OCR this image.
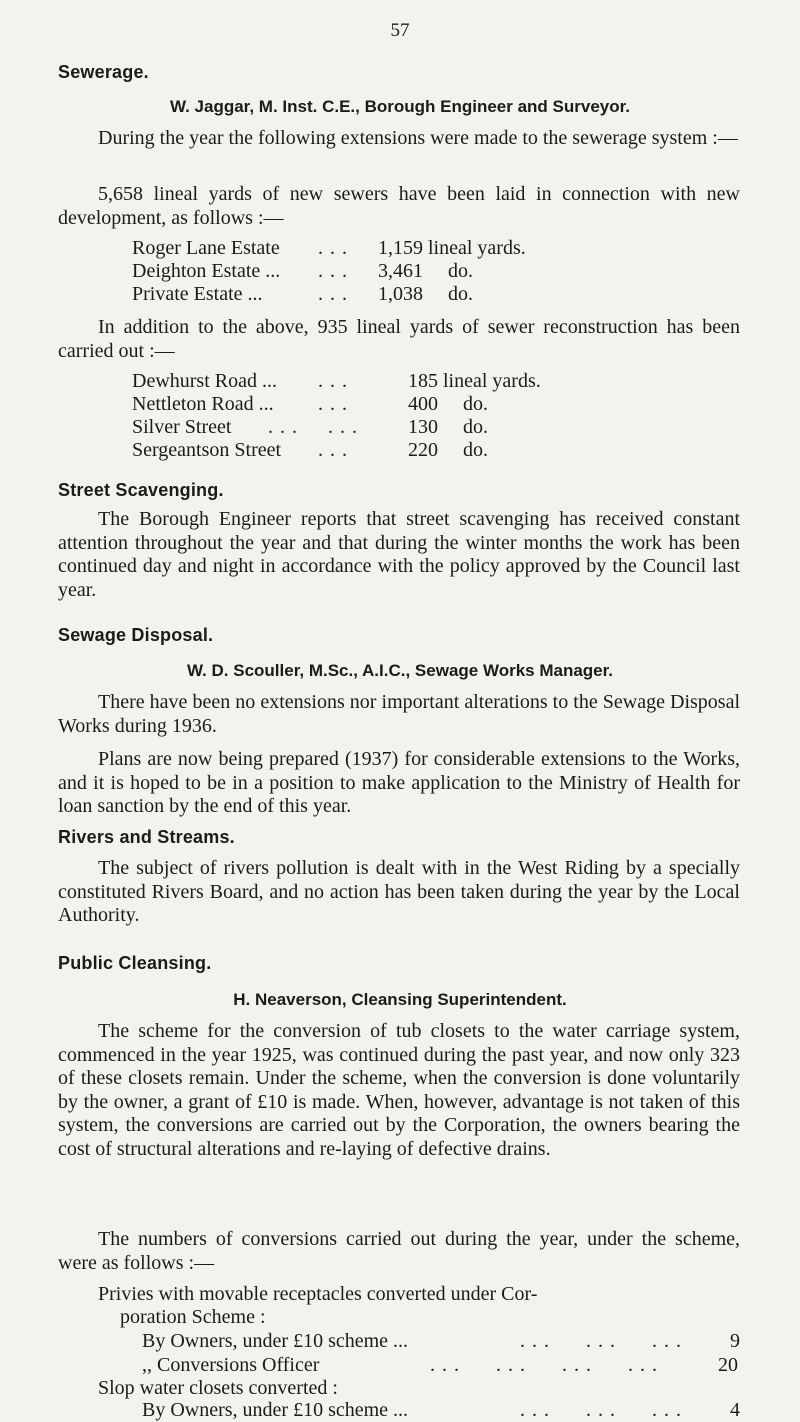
57
Sewerage.
W. Jaggar, M. Inst. C.E., Borough Engineer and Surveyor.

During the year the following extensions were made to the sewerage system :—

5,658 lineal yards of new sewers have been laid in connection with new development, as follows :—

Roger Lane Estate . . . 1,159 lineal yards.
Deighton Estate ... . . . 3,461     do.
Private Estate ...	. . . 1,038     do.

In addition to the above, 935 lineal yards of sewer reconstruction has been carried out :—

Dewhurst Road ... . . .	185 lineal yards.
Nettleton Road ... . . .	400     do.
Silver Street . . .     . . .	130     do.
Sergeantson Street . . .	220     do.
Street Scavenging.

The Borough Engineer reports that street scavenging has received constant attention throughout the year and that during the winter months the work has been continued day and night in accordance with the policy approved by the Council last year.

Sewage Disposal.
W. D. Scouller, M.Sc., A.I.C., Sewage Works Manager.

There have been no extensions nor important alterations to the Sewage Disposal Works during 1936.

Plans are now being prepared (1937) for considerable extensions to the Works, and it is hoped to be in a position to make application to the Ministry of Health for loan sanction by the end of this year.

Rivers and Streams.

The subject of rivers pollution is dealt with in the West Riding by a specially constituted Rivers Board, and no action has been taken during the year by the Local Authority.

Public Cleansing.
H. Neaverson, Cleansing Superintendent.

The scheme for the conversion of tub closets to the water carriage system, commenced in the year 1925, was continued during the past year, and now only 323 of these closets remain. Under the scheme, when the conversion is done voluntarily by the owner, a grant of £10 is made. When, however, advantage is not taken of this system, the conversions are carried out by the Corporation, the owners bearing the cost of structural alterations and re-laying of defective drains.

The numbers of conversions carried out during the year, under the scheme, were as follows :—

Privies with movable receptacles converted under Cor-
poration Scheme :
By Owners, under £10 scheme ...	. . .      . . .      . . . 9
,, Conversions Officer	. . .      . . .      . . .      . . .	20
Slop water closets converted :
By Owners, under £10 scheme ...	. . .      . . .      . . . 4
